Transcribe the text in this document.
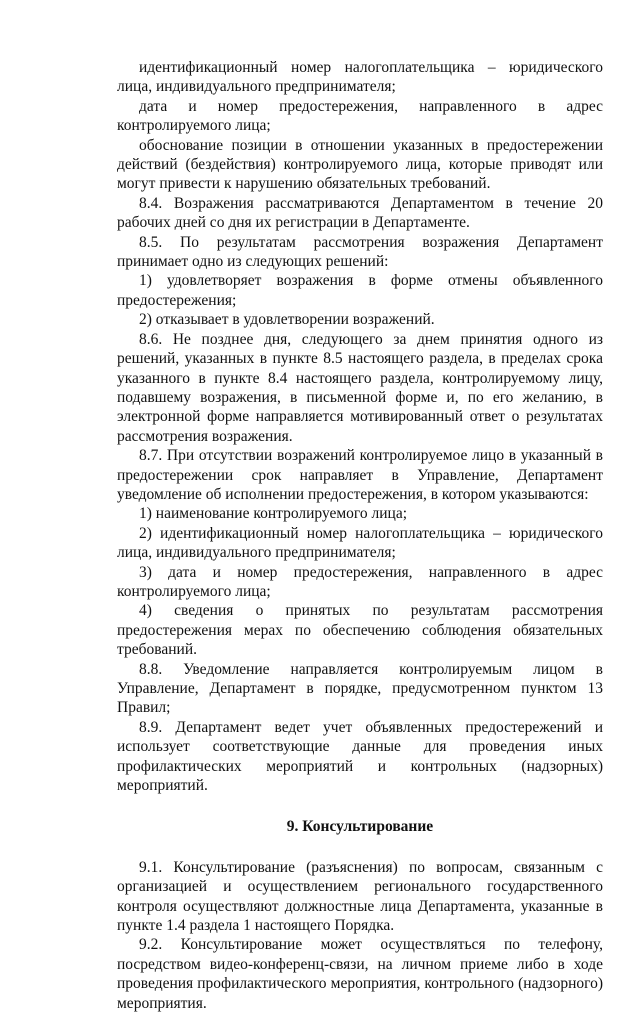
идентификационный номер налогоплательщика – юридического лица, индивидуального предпринимателя;

дата и номер предостережения, направленного в адрес контролируемого лица;

обоснование позиции в отношении указанных в предостережении действий (бездействия) контролируемого лица, которые приводят или могут привести к нарушению обязательных требований.

8.4. Возражения рассматриваются Департаментом в течение 20 рабочих дней со дня их регистрации в Департаменте.

8.5. По результатам рассмотрения возражения Департамент принимает одно из следующих решений:

1) удовлетворяет возражения в форме отмены объявленного предостережения;

2) отказывает в удовлетворении возражений.

8.6. Не позднее дня, следующего за днем принятия одного из решений, указанных в пункте 8.5 настоящего раздела, в пределах срока указанного в пункте 8.4 настоящего раздела, контролируемому лицу, подавшему возражения, в письменной форме и, по его желанию, в электронной форме направляется мотивированный ответ о результатах рассмотрения возражения.

8.7. При отсутствии возражений контролируемое лицо в указанный в предостережении срок направляет в Управление, Департамент уведомление об исполнении предостережения, в котором указываются:

1) наименование контролируемого лица;

2) идентификационный номер налогоплательщика – юридического лица, индивидуального предпринимателя;

3) дата и номер предостережения, направленного в адрес контролируемого лица;

4) сведения о принятых по результатам рассмотрения предостережения мерах по обеспечению соблюдения обязательных требований.

8.8. Уведомление направляется контролируемым лицом в Управление, Департамент в порядке, предусмотренном пунктом 13 Правил;

8.9. Департамент ведет учет объявленных предостережений и использует соответствующие данные для проведения иных профилактических мероприятий и контрольных (надзорных) мероприятий.

9. Консультирование

9.1. Консультирование (разъяснения) по вопросам, связанным с организацией и осуществлением регионального государственного контроля осуществляют должностные лица Департамента, указанные в пункте 1.4 раздела 1 настоящего Порядка.

9.2. Консультирование может осуществляться по телефону, посредством видео-конференц-связи, на личном приеме либо в ходе проведения профилактического мероприятия, контрольного (надзорного) мероприятия.
